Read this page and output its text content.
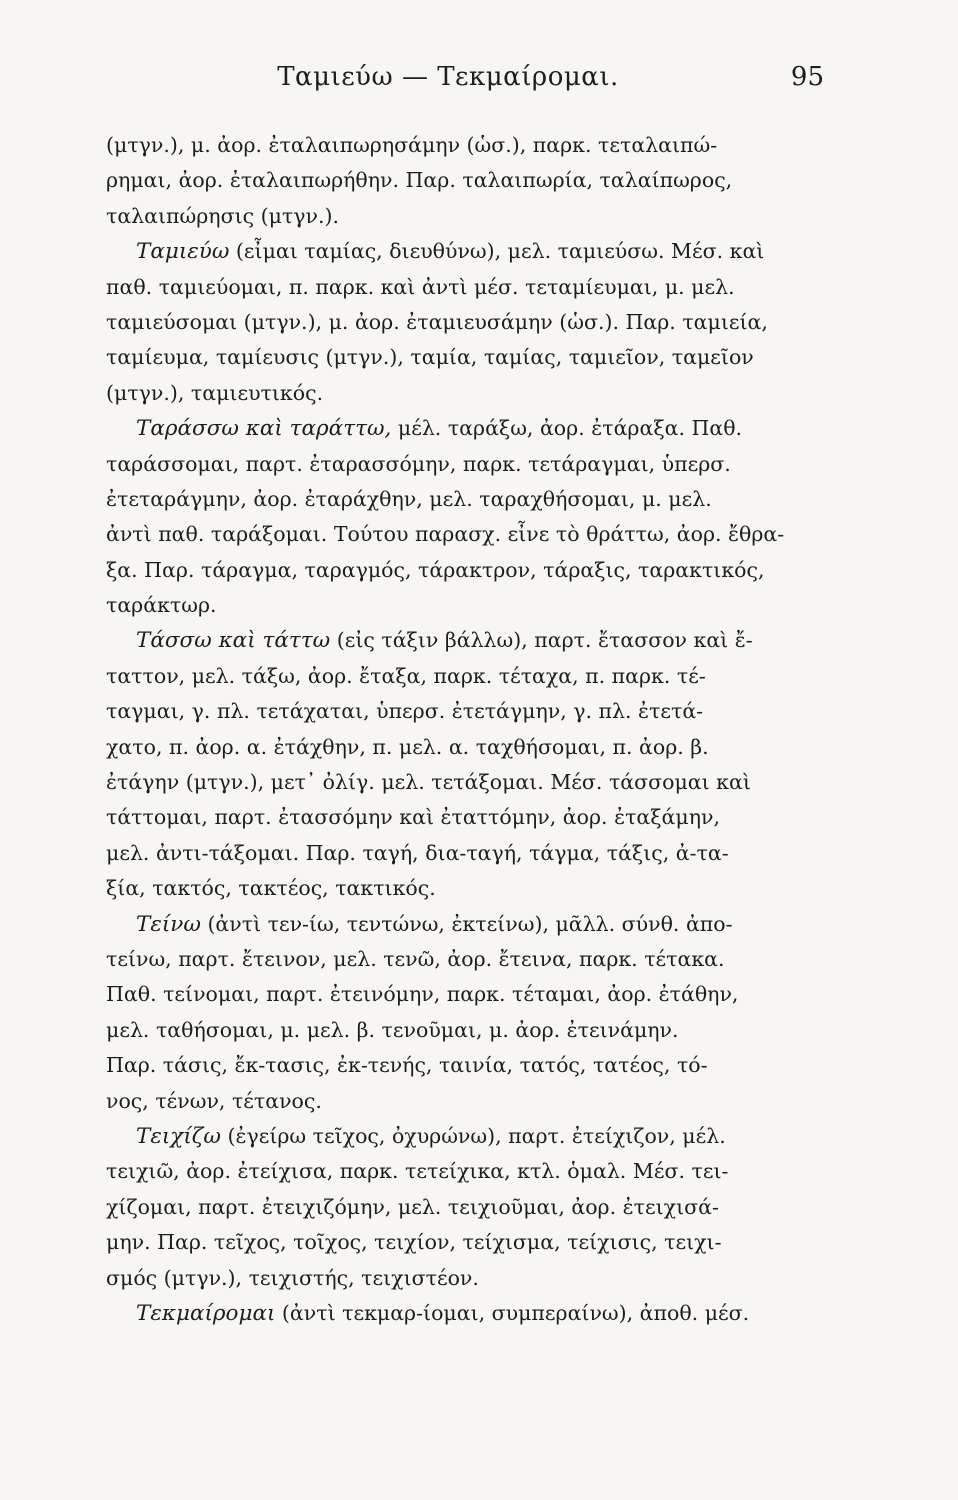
Ταμιεύω — Τεκμαίρομαι.	95
(μτγν.), μ. ἀορ. ἐταλαιπωρησάμην (ὡσ.), παρκ. τεταλαιπώ-
ρημαι, ἀορ. ἐταλαιπωρήθην. Παρ. ταλαιπωρία, ταλαίπωρος,
ταλαιπώρησις (μτγν.).
Ταμιεύω (εἶμαι ταμίας, διευθύνω), μελ. ταμιεύσω. Μέσ. καὶ
παθ. ταμιεύομαι, π. παρκ. καὶ ἀντὶ μέσ. τεταμίευμαι, μ. μελ.
ταμιεύσομαι (μτγν.), μ. ἀορ. ἐταμιευσάμην (ὡσ.). Παρ. ταμιεία,
ταμίευμα, ταμίευσις (μτγν.), ταμία, ταμίας, ταμιεῖον, ταμεῖον
(μτγν.), ταμιευτικός.
Ταράσσω καὶ ταράττω, μέλ. ταράξω, ἀορ. ἐτάραξα. Παθ.
ταράσσομαι, παρτ. ἐταρασσόμην, παρκ. τετάραγμαι, ὑπερσ.
ἐτεταράγμην, ἀορ. ἐταράχθην, μελ. ταραχθήσομαι, μ. μελ.
ἀντὶ παθ. ταράξομαι. Τούτου παρασχ. εἶνε τὸ θράττω, ἀορ. ἔθρα-
ξα. Παρ. τάραγμα, ταραγμός, τάρακτρον, τάραξις, ταρακτικός,
ταράκτωρ.
Τάσσω καὶ τάττω (εἰς τάξιν βάλλω), παρτ. ἔτασσον καὶ ἔ-
ταττον, μελ. τάξω, ἀορ. ἔταξα, παρκ. τέταχα, π. παρκ. τέ-
ταγμαι, γ. πλ. τετάχαται, ὑπερσ. ἐτετάγμην, γ. πλ. ἐτετά-
χατο, π. ἀορ. α. ἐτάχθην, π. μελ. α. ταχθήσομαι, π. ἀορ. β.
ἐτάγην (μτγν.), μετ᾽ ὀλίγ. μελ. τετάξομαι. Μέσ. τάσσομαι καὶ
τάττομαι, παρτ. ἐτασσόμην καὶ ἐταττόμην, ἀορ. ἐταξάμην,
μελ. ἀντι-τάξομαι. Παρ. ταγή, δια-ταγή, τάγμα, τάξις, ἀ-τα-
ξία, τακτός, τακτέος, τακτικός.
Τείνω (ἀντὶ τεν-ίω, τεντώνω, ἐκτείνω), μᾶλλ. σύνθ. ἀπο-
τείνω, παρτ. ἔτεινον, μελ. τενῶ, ἀορ. ἔτεινα, παρκ. τέτακα.
Παθ. τείνομαι, παρτ. ἐτεινόμην, παρκ. τέταμαι, ἀορ. ἐτάθην,
μελ. ταθήσομαι, μ. μελ. β. τενοῦμαι, μ. ἀορ. ἐτεινάμην.
Παρ. τάσις, ἔκ-τασις, ἐκ-τενής, ταινία, τατός, τατέος, τό-
νος, τένων, τέτανος.
Τειχίζω (ἐγείρω τεῖχος, ὀχυρώνω), παρτ. ἐτείχιζον, μέλ.
τειχιῶ, ἀορ. ἐτείχισα, παρκ. τετείχικα, κτλ. ὁμαλ. Μέσ. τει-
χίζομαι, παρτ. ἐτειχιζόμην, μελ. τειχιοῦμαι, ἀορ. ἐτειχισά-
μην. Παρ. τεῖχος, τοῖχος, τειχίον, τείχισμα, τείχισις, τειχι-
σμός (μτγν.), τειχιστής, τειχιστέον.
Τεκμαίρομαι (ἀντὶ τεκμαρ-ίομαι, συμπεραίνω), ἀποθ. μέσ.
